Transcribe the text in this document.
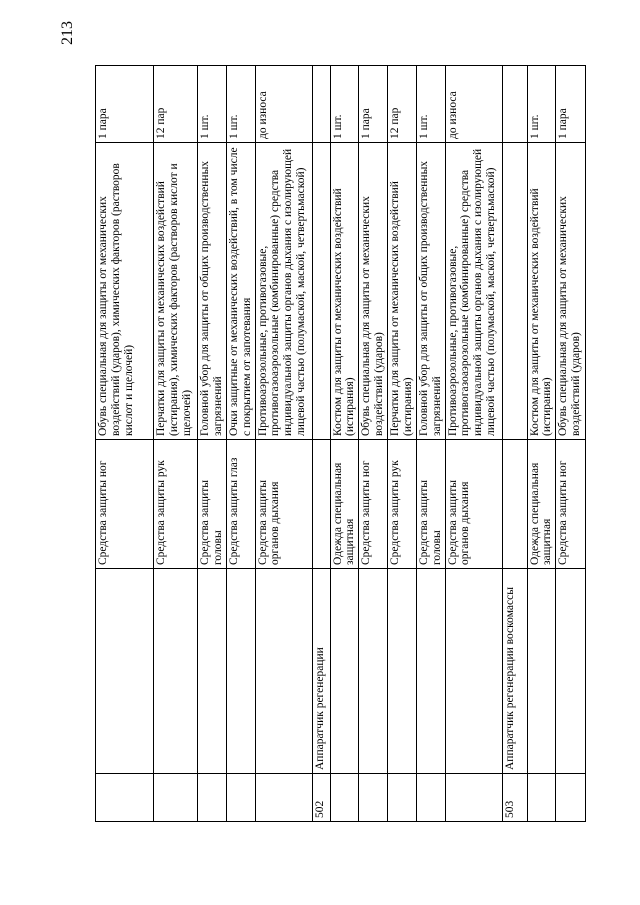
213
		Средства защиты ног	Обувь специальная для защиты от механических воздействий (ударов), химических факторов (растворов кислот и щелочей)	1 пара
		Средства защиты рук	Перчатки для защиты от механических воздействий (истирания), химических факторов (растворов кислот и щелочей)	12 пар
		Средства защиты головы	Головной убор для защиты от общих производственных загрязнений	1 шт.
		Средства защиты глаз	Очки защитные от механических воздействий, в том числе с покрытием от запотевания	1 шт.
		Средства защиты органов дыхания	Противоаэрозольные, противогазовые, противогазоаэрозольные (комбинированные) средства индивидуальной защиты органов дыхания с изолирующей лицевой частью (полумаской, маской, четвертьмаской)	до износа
502	Аппаратчик регенерации			
		Одежда специальная защитная	Костюм для защиты от механических воздействий (истирания)	1 шт.
		Средства защиты ног	Обувь специальная для защиты от механических воздействий (ударов)	1 пара
		Средства защиты рук	Перчатки для защиты от механических воздействий (истирания)	12 пар
		Средства защиты головы	Головной убор для защиты от общих производственных загрязнений	1 шт.
		Средства защиты органов дыхания	Противоаэрозольные, противогазовые, противогазоаэрозольные (комбинированные) средства индивидуальной защиты органов дыхания с изолирующей лицевой частью (полумаской, маской, четвертьмаской)	до износа
503	Аппаратчик регенерации воскомассы			
		Одежда специальная защитная	Костюм для защиты от механических воздействий (истирания)	1 шт.
		Средства защиты ног	Обувь специальная для защиты от механических воздействий (ударов)	1 пара
